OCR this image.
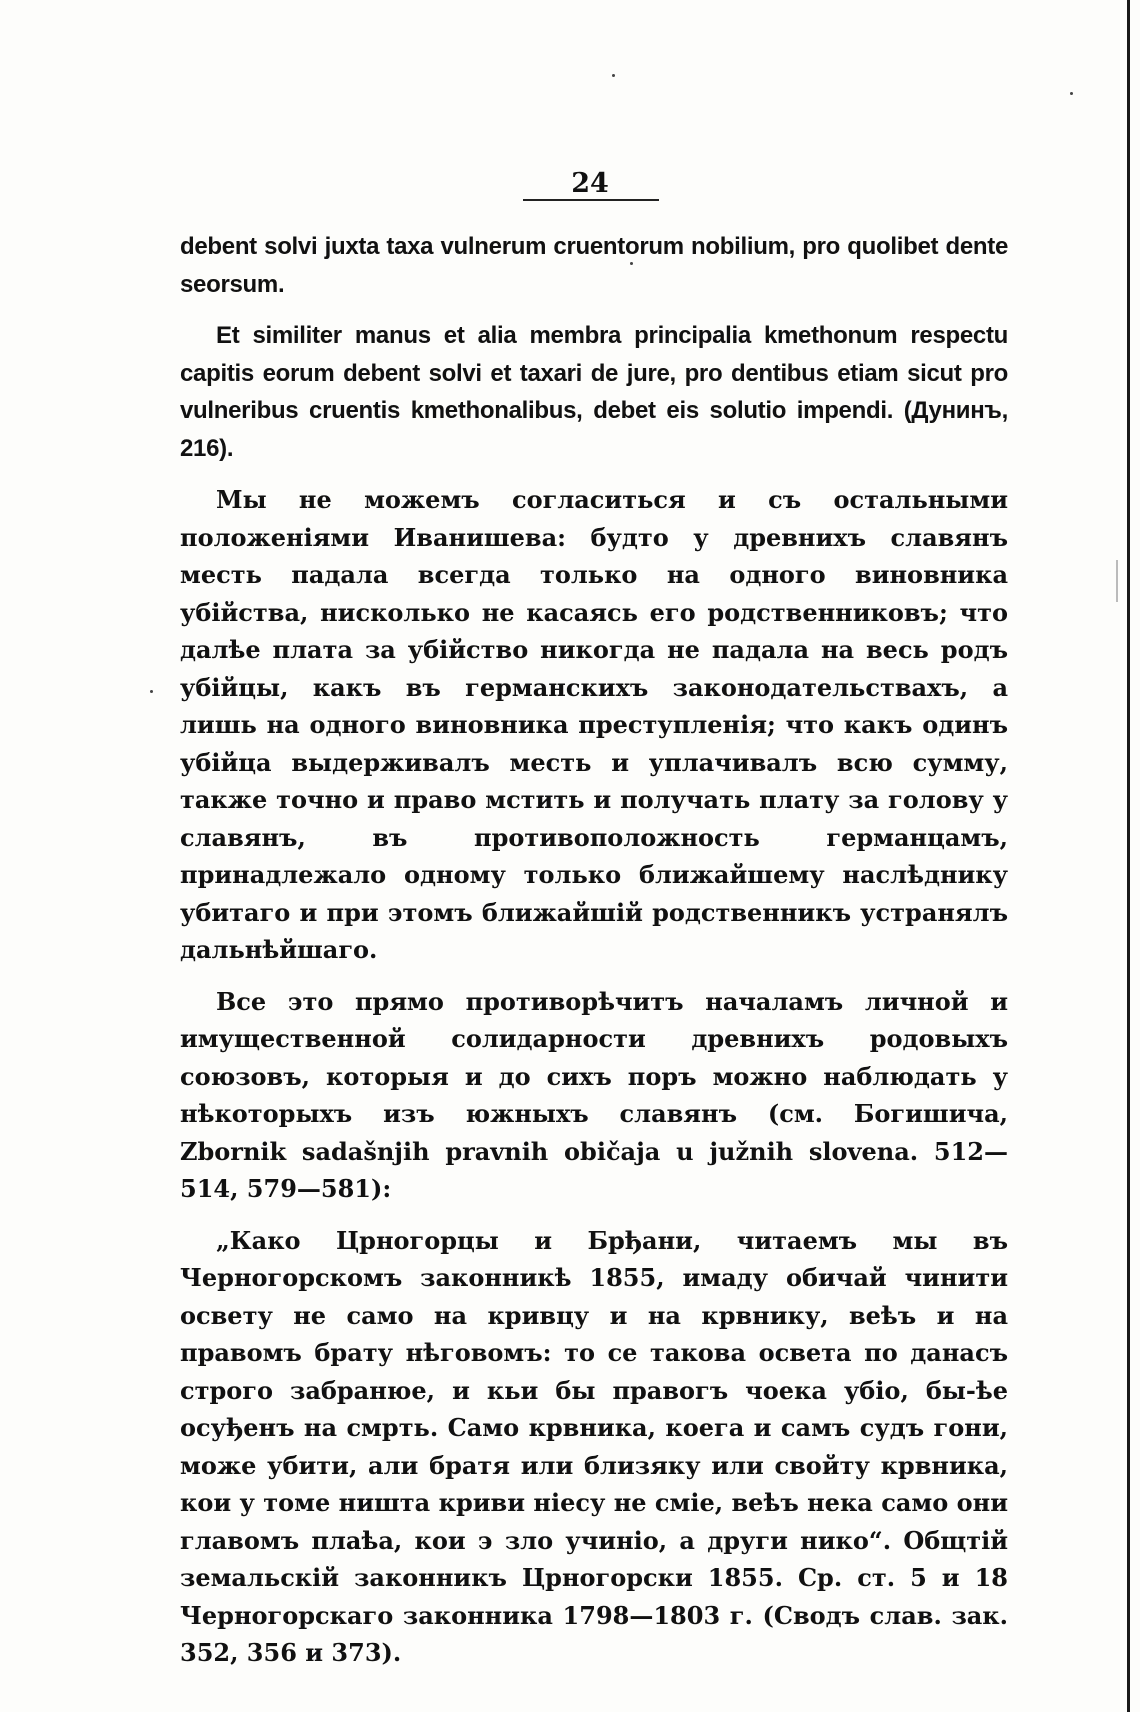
24

debent solvi juxta taxa vulnerum cruentorum nobilium, pro quolibet dente seorsum.

Et similiter manus et alia membra principalia kmethonum respectu capitis eorum debent solvi et taxari de jure, pro dentibus etiam sicut pro vulneribus cruentis kmethonalibus, debet eis solutio impendi. (Дунинъ, 216).

Мы не можемъ согласиться и съ остальными положеніями Иванишева: будто у древнихъ славянъ месть падала всегда только на одного виновника убійства, нисколько не касаясь его родственниковъ; что далѣе плата за убійство никогда не падала на весь родъ убійцы, какъ въ германскихъ законодательствахъ, а лишь на одного виновника преступленія; что какъ одинъ убійца выдерживалъ месть и уплачивалъ всю сумму, также точно и право мстить и получать плату за голову у славянъ, въ противоположность германцамъ, принадлежало одному только ближайшему наслѣднику убитаго и при этомъ ближайшій родственникъ устранялъ дальнѣйшаго.

Все это прямо противорѣчитъ началамъ личной и имущественной солидарности древнихъ родовыхъ союзовъ, которыя и до сихъ поръ можно наблюдать у нѣкоторыхъ изъ южныхъ славянъ (см. Богишича, Zbornik sadašnjih pravnih običaja u južnih slovena. 512—514, 579—581):

„Како Црногорцы и Брђани, читаемъ мы въ Черногорскомъ законникѣ 1855, имаду обичай чинити освету не само на кривцу и на крвнику, веѣъ и на правомъ брату нѣговомъ: то се такова освета по данасъ строго забранюе, и кьи бы правогъ чоека убіо, бы-ѣе осуђенъ на смрть. Само крвника, коега и самъ судъ гони, може убити, али братя или близяку или свойту крвника, кои у томе ништа криви ніесу не сміе, веѣъ нека само они главомъ плаѣа, кои э зло учиніо, а други нико“. Общтій земальскій законникъ Црногорски 1855. Ср. ст. 5 и 18 Черногорскаго законника 1798—1803 г. (Сводъ слав. зак. 352, 356 и 373).
